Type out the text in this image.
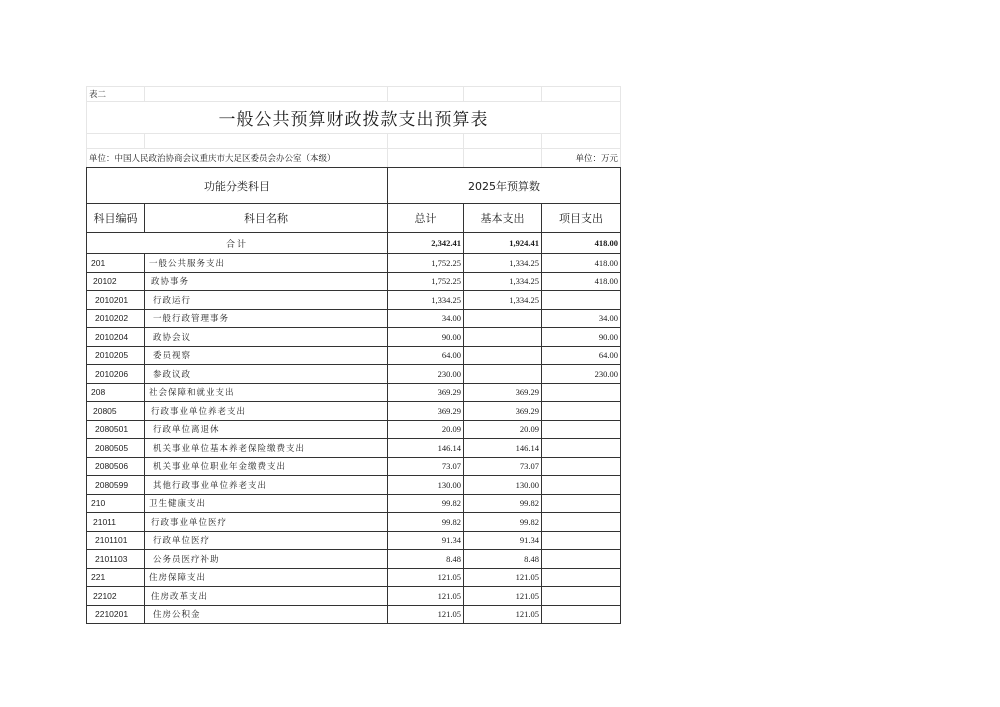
表二				
一般公共预算财政拨款支出预算表				

单位：中国人民政治协商会议重庆市大足区委员会办公室（本级）				单位：万元
功能分类科目		2025年预算数		
科目编码	科目名称	总计	基本支出	项目支出
合计		2,342.41	1,924.41	418.00
201	一般公共服务支出	1,752.25	1,334.25	418.00
20102	政协事务	1,752.25	1,334.25	418.00
2010201	行政运行	1,334.25	1,334.25	
2010202	一般行政管理事务	34.00		34.00
2010204	政协会议	90.00		90.00
2010205	委员视察	64.00		64.00
2010206	参政议政	230.00		230.00
208	社会保障和就业支出	369.29	369.29	
20805	行政事业单位养老支出	369.29	369.29	
2080501	行政单位离退休	20.09	20.09	
2080505	机关事业单位基本养老保险缴费支出	146.14	146.14	
2080506	机关事业单位职业年金缴费支出	73.07	73.07	
2080599	其他行政事业单位养老支出	130.00	130.00	
210	卫生健康支出	99.82	99.82	
21011	行政事业单位医疗	99.82	99.82	
2101101	行政单位医疗	91.34	91.34	
2101103	公务员医疗补助	8.48	8.48	
221	住房保障支出	121.05	121.05	
22102	住房改革支出	121.05	121.05	
2210201	住房公积金	121.05	121.05	
